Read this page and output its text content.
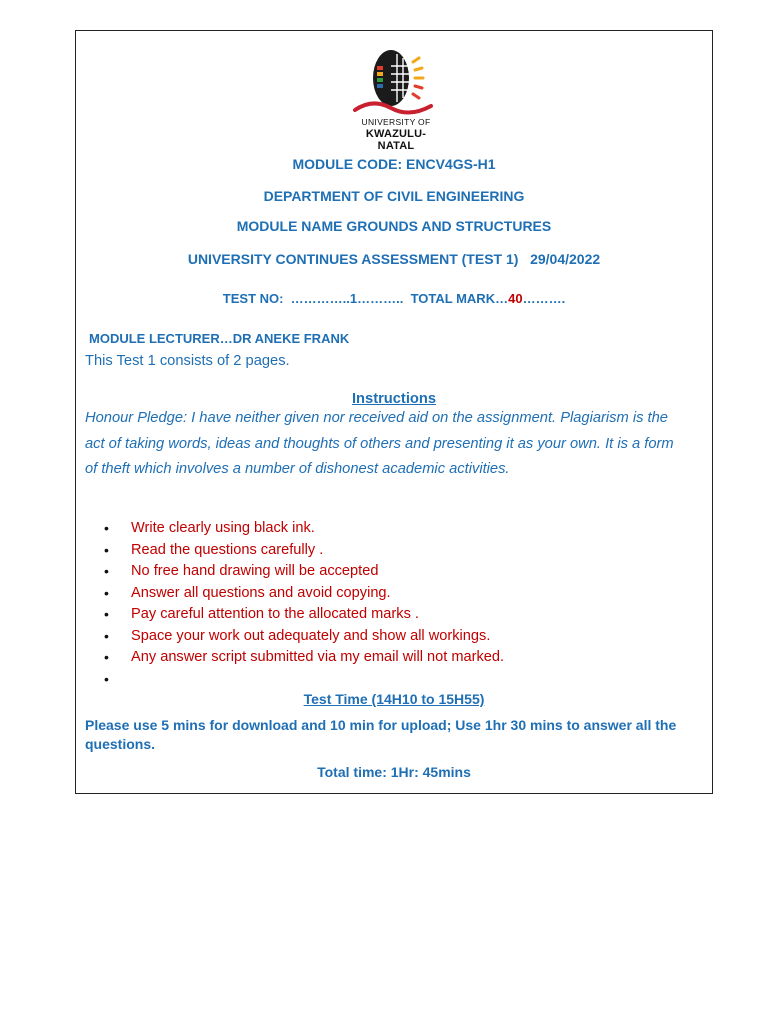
UNIVERSITY OF
KWAZULU-NATAL
MODULE CODE: ENCV4GS-H1
DEPARTMENT OF CIVIL ENGINEERING
MODULE NAME GROUNDS AND STRUCTURES
UNIVERSITY CONTINUES ASSESSMENT (TEST 1)   29/04/2022
TEST NO:  …………..1………..  TOTAL MARK…40……….
MODULE LECTURER…DR ANEKE FRANK
This Test 1 consists of 2 pages.
Instructions
Honour Pledge: I have neither given nor received aid on the assignment. Plagiarism is the
act of taking words, ideas and thoughts of others and presenting it as your own. It is a form
of theft which involves a number of dishonest academic activities.
• Write clearly using black ink.
• Read the questions carefully .
• No free hand drawing will be accepted
• Answer all questions and avoid copying.
• Pay careful attention to the allocated marks .
• Space your work out adequately and show all workings.
• Any answer script submitted via my email will not marked.
•
Test Time (14H10 to 15H55)
Please use 5 mins for download and 10 min for upload; Use 1hr 30 mins to answer all the questions.
Total time: 1Hr: 45mins
